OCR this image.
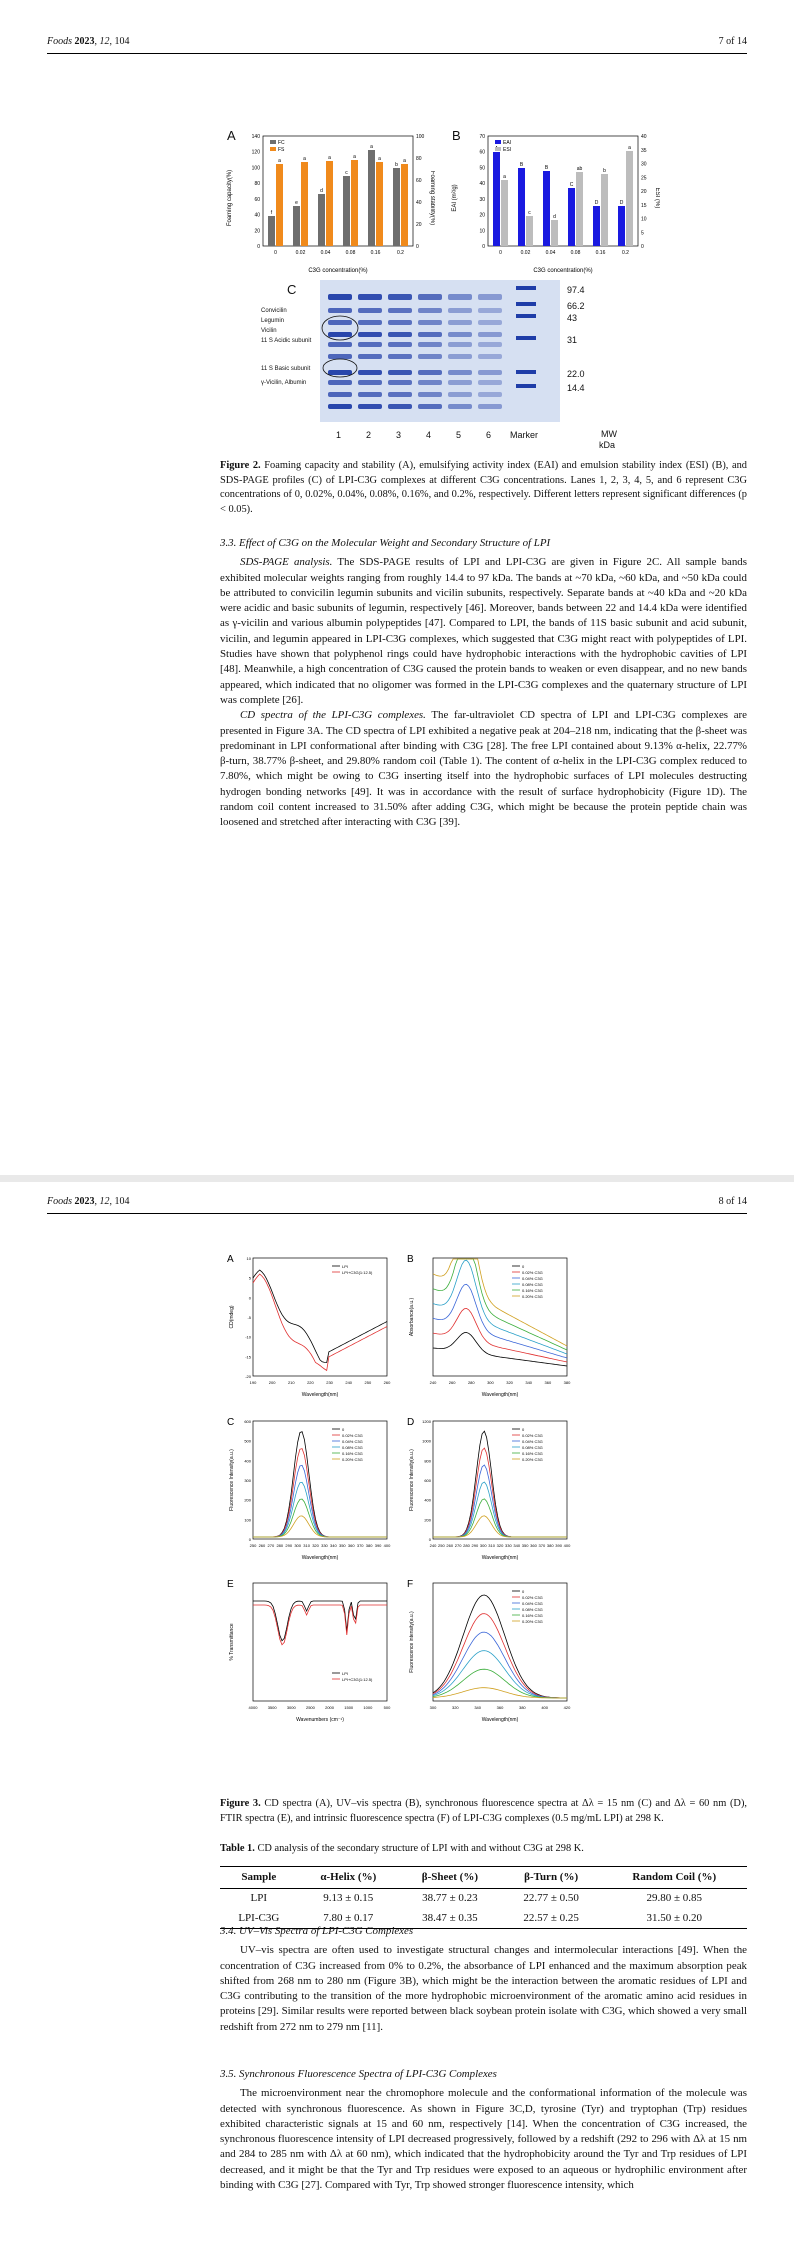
Foods 2023, 12, 104	7 of 14
A
f
a
e
a
d
a
c
a
a
a
b
a
0	0.02	0.04	0.08	0.16	0.2
0
20
40
60
80
100
120
140
0
20
40
60
80
100
Foaming capacity(%)	Foaming stability(%)
C3G concentration(%)
FC
FS
B
a
B
c
B
d
C
ab
D
b
D
a
0	0.02	0.04	0.08	0.16	0.2
0
10
20
30
40
50
60
70
0
5
10
15
20
25
30
35
40
EAI (m²/g)	ESI (%)
C3G concentration(%)
EAI
ESI
C
Convicilin
Legumin
Vicilin
11 S Acidic subunit
11 S Basic subunit
γ-Vicilin, Albumin
97.4
66.2
43
31
22.0
14.4
1	2	3	4	5	6 Marker	MW
kDa

Figure 2. Foaming capacity and stability (A), emulsifying activity index (EAI) and emulsion stability index (ESI) (B), and SDS-PAGE profiles (C) of LPI-C3G complexes at different C3G concentrations. Lanes 1, 2, 3, 4, 5, and 6 represent C3G concentrations of 0, 0.02%, 0.04%, 0.08%, 0.16%, and 0.2%, respectively. Different letters represent significant differences (p < 0.05).

3.3. Effect of C3G on the Molecular Weight and Secondary Structure of LPI

SDS-PAGE analysis. The SDS-PAGE results of LPI and LPI-C3G are given in Figure 2C. All sample bands exhibited molecular weights ranging from roughly 14.4 to 97 kDa. The bands at ~70 kDa, ~60 kDa, and ~50 kDa could be attributed to convicilin legumin subunits and vicilin subunits, respectively. Separate bands at ~40 kDa and ~20 kDa were acidic and basic subunits of legumin, respectively [46]. Moreover, bands between 22 and 14.4 kDa were identified as γ-vicilin and various albumin polypeptides [47]. Compared to LPI, the bands of 11S basic subunit and acid subunit, vicilin, and legumin appeared in LPI-C3G complexes, which suggested that C3G might react with polypeptides of LPI. Studies have shown that polyphenol rings could have hydrophobic interactions with the hydrophobic cavities of LPI [48]. Meanwhile, a high concentration of C3G caused the protein bands to weaken or even disappear, and no new bands appeared, which indicated that no oligomer was formed in the LPI-C3G complexes and the quaternary structure of LPI was complete [26].

CD spectra of the LPI-C3G complexes. The far-ultraviolet CD spectra of LPI and LPI-C3G complexes are presented in Figure 3A. The CD spectra of LPI exhibited a negative peak at 204–218 nm, indicating that the β-sheet was predominant in LPI conformational after binding with C3G [28]. The free LPI contained about 9.13% α-helix, 22.77% β-turn, 38.77% β-sheet, and 29.80% random coil (Table 1). The content of α-helix in the LPI-C3G complex reduced to 7.80%, which might be owing to C3G inserting itself into the hydrophobic surfaces of LPI molecules destructing hydrogen bonding networks [49]. It was in accordance with the result of surface hydrophobicity (Figure 1D). The random coil content increased to 31.50% after adding C3G, which might be because the protein peptide chain was loosened and stretched after interacting with C3G [39].

Foods 2023, 12, 104	8 of 14
A
190	200	210	220	230	240	250	260
-20
-15
-10
-5
0
5
10
LPI
LPI+C3G(1:12.5)
CD(mdeg)
Wavelength(nm)
B
240	260	280	300	320	340	360	380
0
0.02% C3G
0.04% C3G
0.08% C3G
0.16% C3G
0.20% C3G
Absorbance(a.u.)
Wavelength(nm)
C
250 260 270 280 290 300 310 320 330 340 350 360 370 380 390 400
0
100
200
300
400
500
600
0
0.02% C3G
0.04% C3G
0.08% C3G
0.16% C3G
0.20% C3G
Fluorescence Intensity(a.u.)
Wavelength(nm)
D
240 250 260 270 280 290 300 310 320 330 340 350 360 370 380 390 400
0
200
400
600
800
1000
1200
0
0.02% C3G
0.04% C3G
0.08% C3G
0.16% C3G
0.20% C3G
Fluorescence Intensity(a.u.)
Wavelength(nm)
E
4000	3500	3000	2500	2000	1500	1000	500
LPI
LPI+C3G(1:12.5)
% Transmittance
Wavenumbers (cm⁻¹)
F
300	320	340	360	380	400	420
0
0.02% C3G
0.04% C3G
0.08% C3G
0.16% C3G
0.20% C3G
Fluorescence intensity(a.u.)
Wavelength(nm)

Figure 3. CD spectra (A), UV–vis spectra (B), synchronous fluorescence spectra at Δλ = 15 nm (C) and Δλ = 60 nm (D), FTIR spectra (E), and intrinsic fluorescence spectra (F) of LPI-C3G complexes (0.5 mg/mL LPI) at 298 K.

Table 1. CD analysis of the secondary structure of LPI with and without C3G at 298 K.

Sample	α-Helix (%)	β-Sheet (%)	β-Turn (%)	Random Coil (%)
LPI	9.13 ± 0.15	38.77 ± 0.23	22.77 ± 0.50	29.80 ± 0.85
LPI-C3G	7.80 ± 0.17	38.47 ± 0.35	22.57 ± 0.25	31.50 ± 0.20

3.4. UV–Vis Spectra of LPI-C3G Complexes

UV–vis spectra are often used to investigate structural changes and intermolecular interactions [49]. When the concentration of C3G increased from 0% to 0.2%, the absorbance of LPI enhanced and the maximum absorption peak shifted from 268 nm to 280 nm (Figure 3B), which might be the interaction between the aromatic residues of LPI and C3G contributing to the transition of the more hydrophobic microenvironment of the aromatic amino acid residues in proteins [29]. Similar results were reported between black soybean protein isolate with C3G, which showed a very small redshift from 272 nm to 279 nm [11].

3.5. Synchronous Fluorescence Spectra of LPI-C3G Complexes

The microenvironment near the chromophore molecule and the conformational information of the molecule was detected with synchronous fluorescence. As shown in Figure 3C,D, tyrosine (Tyr) and tryptophan (Trp) residues exhibited characteristic signals at 15 and 60 nm, respectively [14]. When the concentration of C3G increased, the synchronous fluorescence intensity of LPI decreased progressively, followed by a redshift (292 to 296 with Δλ at 15 nm and 284 to 285 nm with Δλ at 60 nm), which indicated that the hydrophobicity around the Tyr and Trp residues of LPI decreased, and it might be that the Tyr and Trp residues were exposed to an aqueous or hydrophilic environment after binding with C3G [27]. Compared with Tyr, Trp showed stronger fluorescence intensity, which
